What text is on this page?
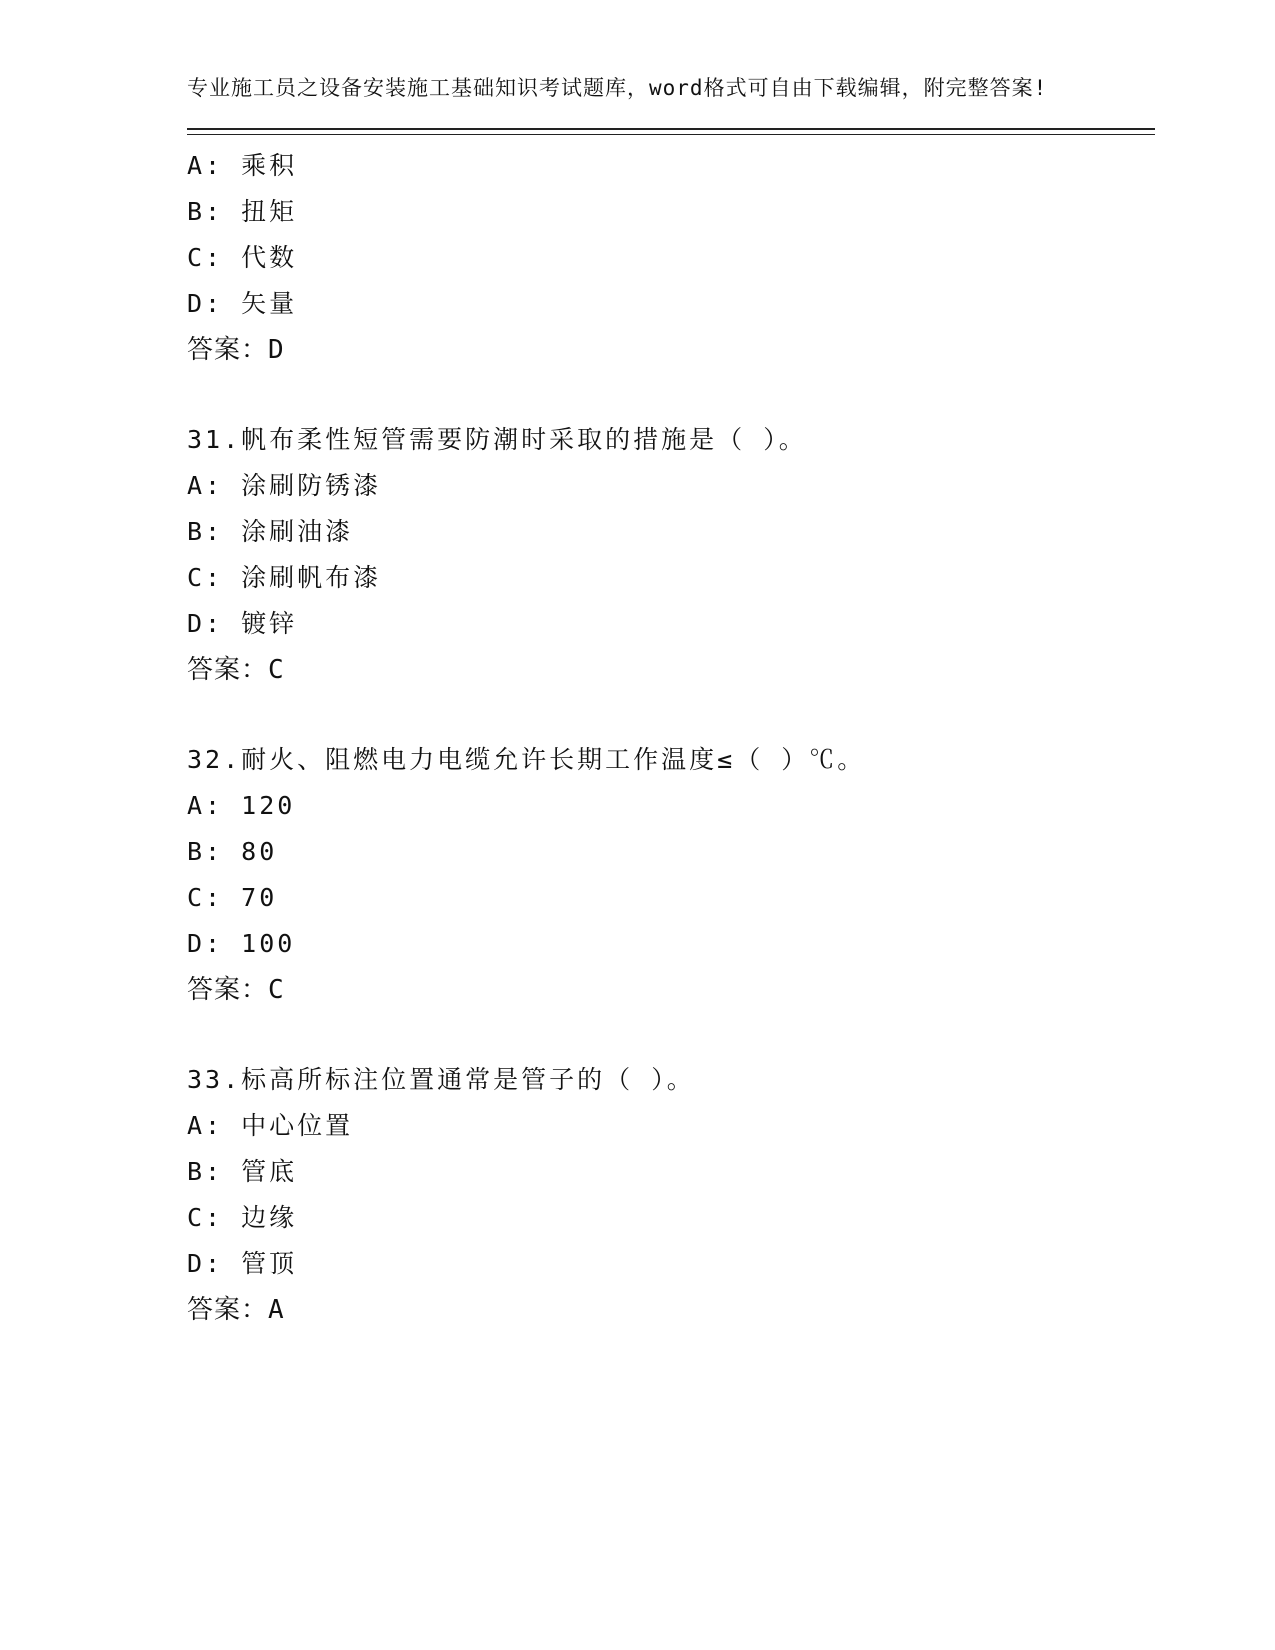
专业施工员之设备安装施工基础知识考试题库，word格式可自由下载编辑，附完整答案!
A: 乘积
B: 扭矩
C: 代数
D: 矢量
答案：D
31.帆布柔性短管需要防潮时采取的措施是（ ）。
A: 涂刷防锈漆
B: 涂刷油漆
C: 涂刷帆布漆
D: 镀锌
答案：C
32.耐火、阻燃电力电缆允许长期工作温度≤（ ）℃。
A: 120
B: 80
C: 70
D: 100
答案：C
33.标高所标注位置通常是管子的（ ）。
A: 中心位置
B: 管底
C: 边缘
D: 管顶
答案：A
